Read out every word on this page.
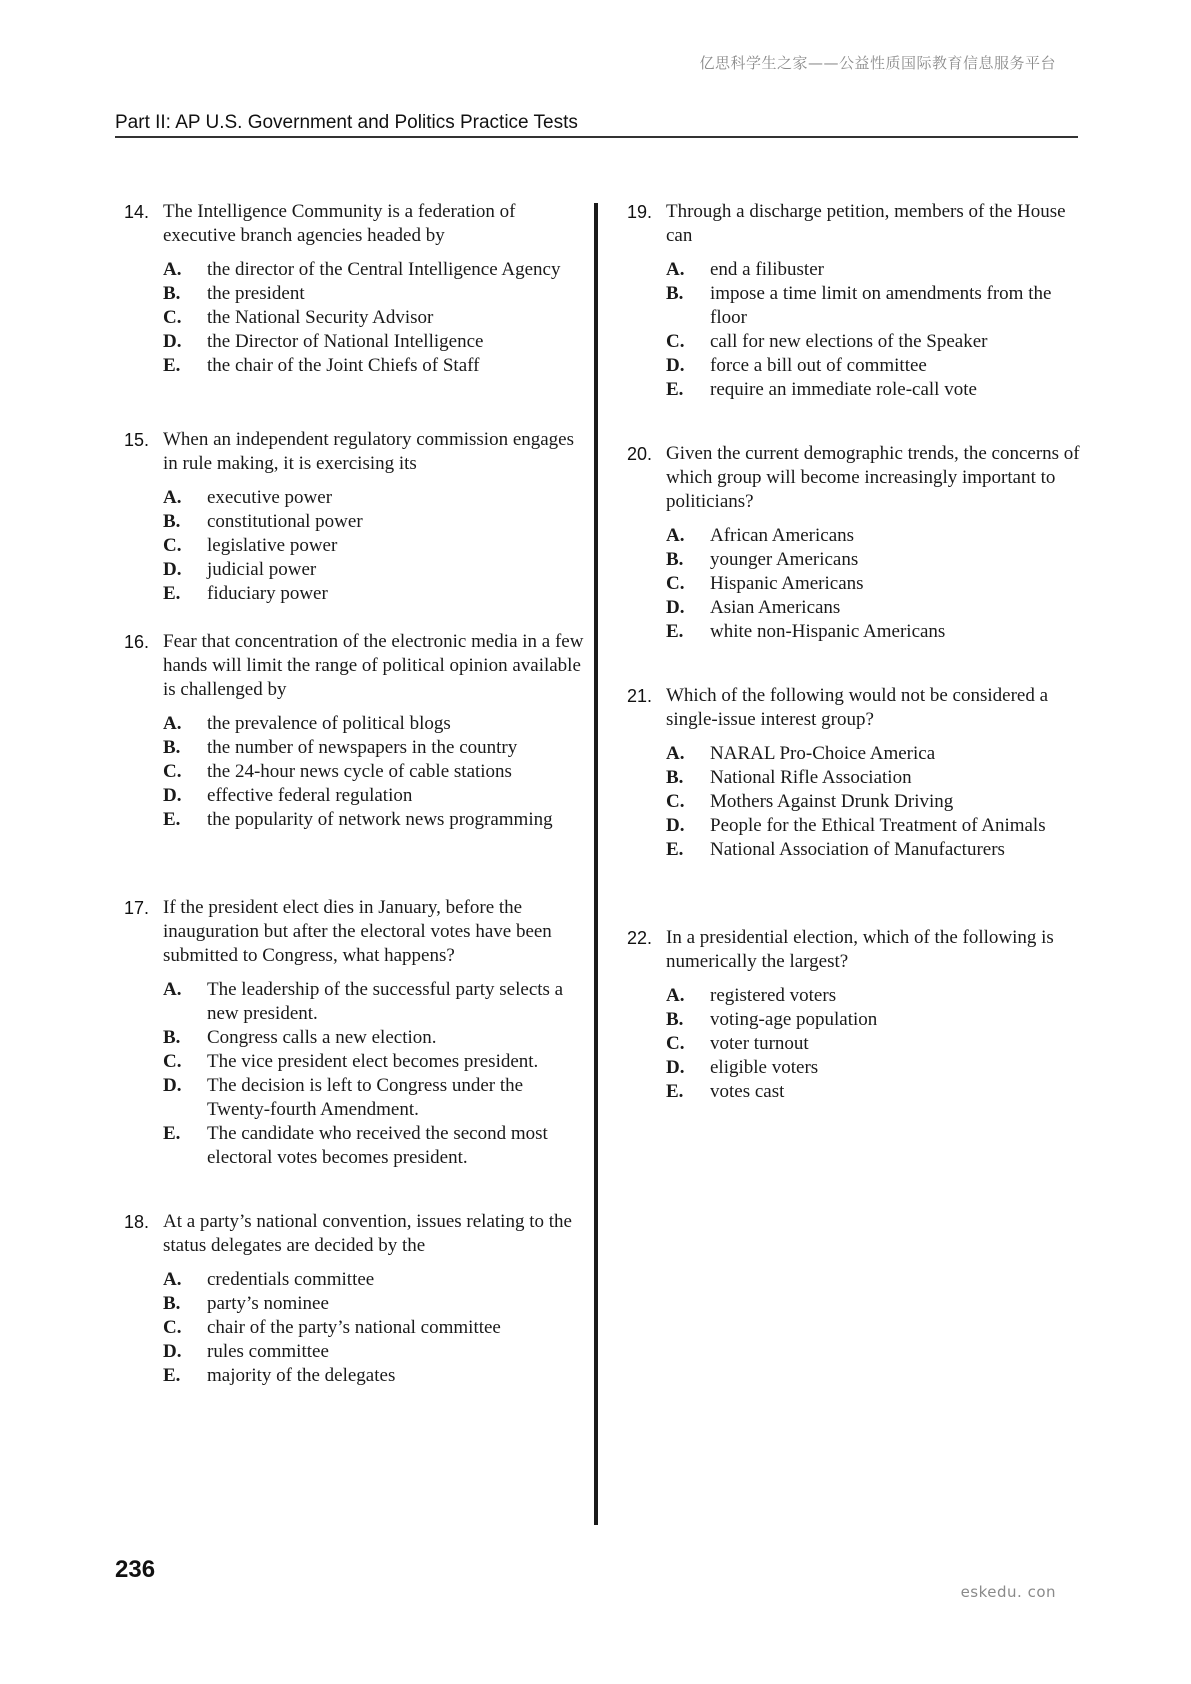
亿思科学生之家——公益性质国际教育信息服务平台
Part II: AP U.S. Government and Politics Practice Tests
14. The Intelligence Community is a federation of executive branch agencies headed by
A. the director of the Central Intelligence Agency
B. the president
C. the National Security Advisor
D. the Director of National Intelligence
E. the chair of the Joint Chiefs of Staff
15. When an independent regulatory commission engages in rule making, it is exercising its
A. executive power
B. constitutional power
C. legislative power
D. judicial power
E. fiduciary power
16. Fear that concentration of the electronic media in a few hands will limit the range of political opinion available is challenged by
A. the prevalence of political blogs
B. the number of newspapers in the country
C. the 24-hour news cycle of cable stations
D. effective federal regulation
E. the popularity of network news programming
17. If the president elect dies in January, before the inauguration but after the electoral votes have been submitted to Congress, what happens?
A. The leadership of the successful party selects a new president.
B. Congress calls a new election.
C. The vice president elect becomes president.
D. The decision is left to Congress under the Twenty-fourth Amendment.
E. The candidate who received the second most electoral votes becomes president.
18. At a party’s national convention, issues relating to the status delegates are decided by the
A. credentials committee
B. party’s nominee
C. chair of the party’s national committee
D. rules committee
E. majority of the delegates
19. Through a discharge petition, members of the House can
A. end a filibuster
B. impose a time limit on amendments from the floor
C. call for new elections of the Speaker
D. force a bill out of committee
E. require an immediate role-call vote
20. Given the current demographic trends, the concerns of which group will become increasingly important to politicians?
A. African Americans
B. younger Americans
C. Hispanic Americans
D. Asian Americans
E. white non-Hispanic Americans
21. Which of the following would not be considered a single-issue interest group?
A. NARAL Pro-Choice America
B. National Rifle Association
C. Mothers Against Drunk Driving
D. People for the Ethical Treatment of Animals
E. National Association of Manufacturers
22. In a presidential election, which of the following is numerically the largest?
A. registered voters
B. voting-age population
C. voter turnout
D. eligible voters
E. votes cast
236
eskedu. con
